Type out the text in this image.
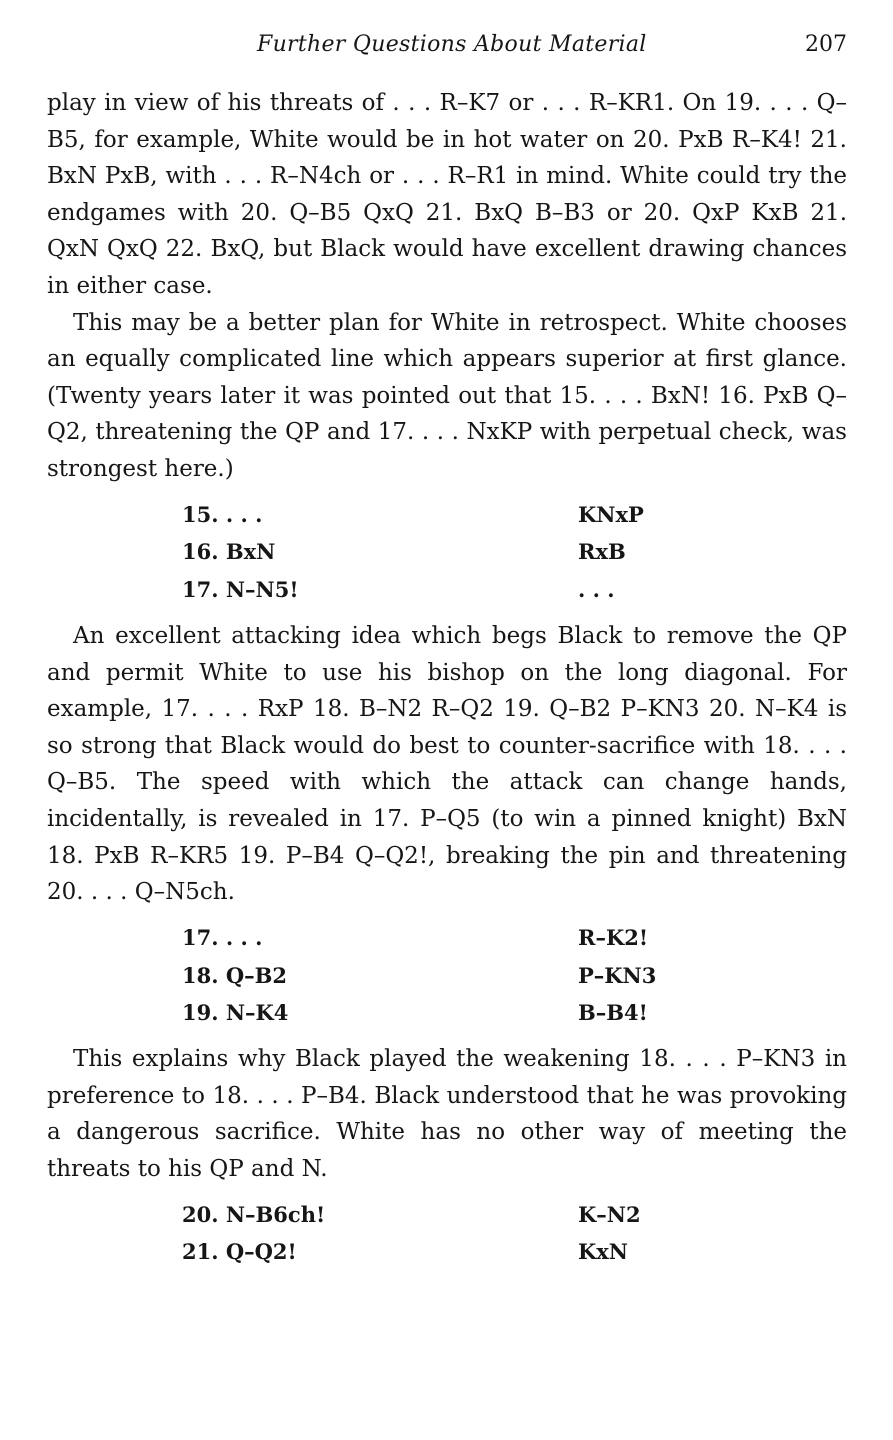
Further Questions About Material	207

play in view of his threats of . . . R–K7 or . . . R–KR1. On 19. . . . Q–B5, for example, White would be in hot water on 20. PxB R–K4! 21. BxN PxB, with . . . R–N4ch or . . . R–R1 in mind. White could try the endgames with 20. Q–B5 QxQ 21. BxQ B–B3 or 20. QxP KxB 21. QxN QxQ 22. BxQ, but Black would have excellent drawing chances in either case.

This may be a better plan for White in retrospect. White chooses an equally complicated line which appears superior at first glance. (Twenty years later it was pointed out that 15. . . . BxN! 16. PxB Q–Q2, threatening the QP and 17. . . . NxKP with perpetual check, was strongest here.)

15. . . .	KNxP
16. BxN	RxB
17. N–N5!	. . .

An excellent attacking idea which begs Black to remove the QP and permit White to use his bishop on the long diagonal. For example, 17. . . . RxP 18. B–N2 R–Q2 19. Q–B2 P–KN3 20. N–K4 is so strong that Black would do best to counter-sacrifice with 18. . . . Q–B5. The speed with which the attack can change hands, incidentally, is revealed in 17. P–Q5 (to win a pinned knight) BxN 18. PxB R–KR5 19. P–B4 Q–Q2!, breaking the pin and threatening 20. . . . Q–N5ch.

17. . . .	R–K2!
18. Q–B2	P–KN3
19. N–K4	B–B4!

This explains why Black played the weakening 18. . . . P–KN3 in preference to 18. . . . P–B4. Black understood that he was provoking a dangerous sacrifice. White has no other way of meeting the threats to his QP and N.

20. N–B6ch!	K–N2
21. Q–Q2!	KxN
